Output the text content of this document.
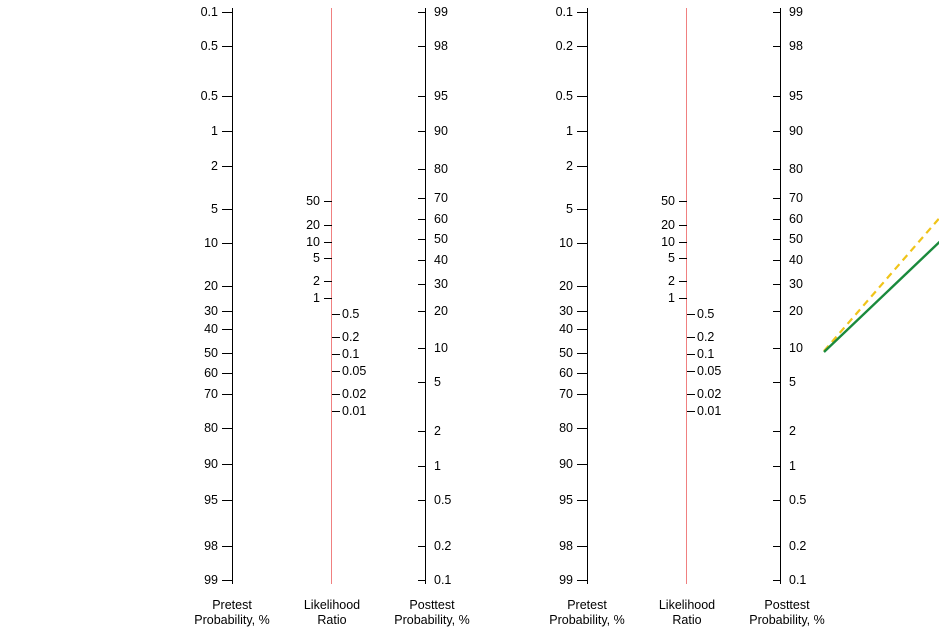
0.1
0.5
0.5
1
2
5
10
20
30
40
50
60
70
80
90
95
98
99
Pretest
Probability, %
50
20
10
5
2
1
0.5
0.2
0.1
0.05
0.02
0.01
Likelihood
Ratio
99
98
95
90
80
70
60
50
40
30
20
10
5
2
1
0.5
0.2
0.1
Posttest
Probability, %
0.1
0.2
0.5
1
2
5
10
20
30
40
50
60
70
80
90
95
98
99
Pretest
Probability, %
50
20
10
5
2
1
0.5
0.2
0.1
0.05
0.02
0.01
Likelihood
Ratio
99
98
95
90
80
70
60
50
40
30
20
10
5
2
1
0.5
0.2
0.1
Posttest
Probability, %
